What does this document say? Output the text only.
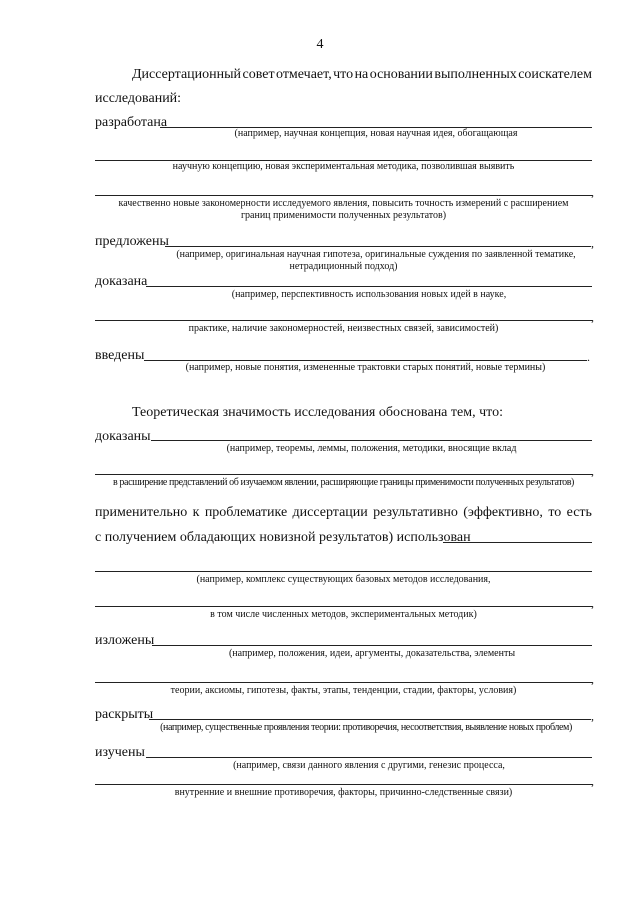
4
Диссертационный совет отмечает, что на основании выполненных соискателем
исследований:
разработана
(например, научная концепция, новая научная идея, обогащающая
научную концепцию, новая экспериментальная методика, позволившая выявить
,
качественно новые закономерности исследуемого явления, повысить точность измерений с расширением
границ применимости полученных результатов)
предложены	,
(например, оригинальная научная гипотеза, оригинальные суждения по заявленной тематике,
нетрадиционный подход)
доказана
(например, перспективность использования новых идей в науке,
,
практике, наличие закономерностей, неизвестных связей, зависимостей)
введены	.
(например, новые понятия, измененные трактовки старых понятий, новые термины)
Теоретическая значимость исследования обоснована тем, что:
доказаны
(например, теоремы, леммы, положения, методики, вносящие вклад
,
в расширение представлений об изучаемом явлении, расширяющие границы применимости полученных результатов)
применительно к проблематике диссертации результативно (эффективно, то есть
с получением обладающих новизной результатов) использован
(например, комплекс существующих базовых методов исследования,
,
в том числе численных методов, экспериментальных методик)
изложены
(например, положения, идеи, аргументы, доказательства, элементы
,
теории, аксиомы, гипотезы, факты, этапы, тенденции, стадии, факторы, условия)
раскрыты	,
(например, существенные проявления теории: противоречия, несоответствия, выявление новых проблем)
изучены
(например, связи данного явления с другими, генезис процесса,
,
внутренние и внешние противоречия, факторы, причинно-следственные связи)
